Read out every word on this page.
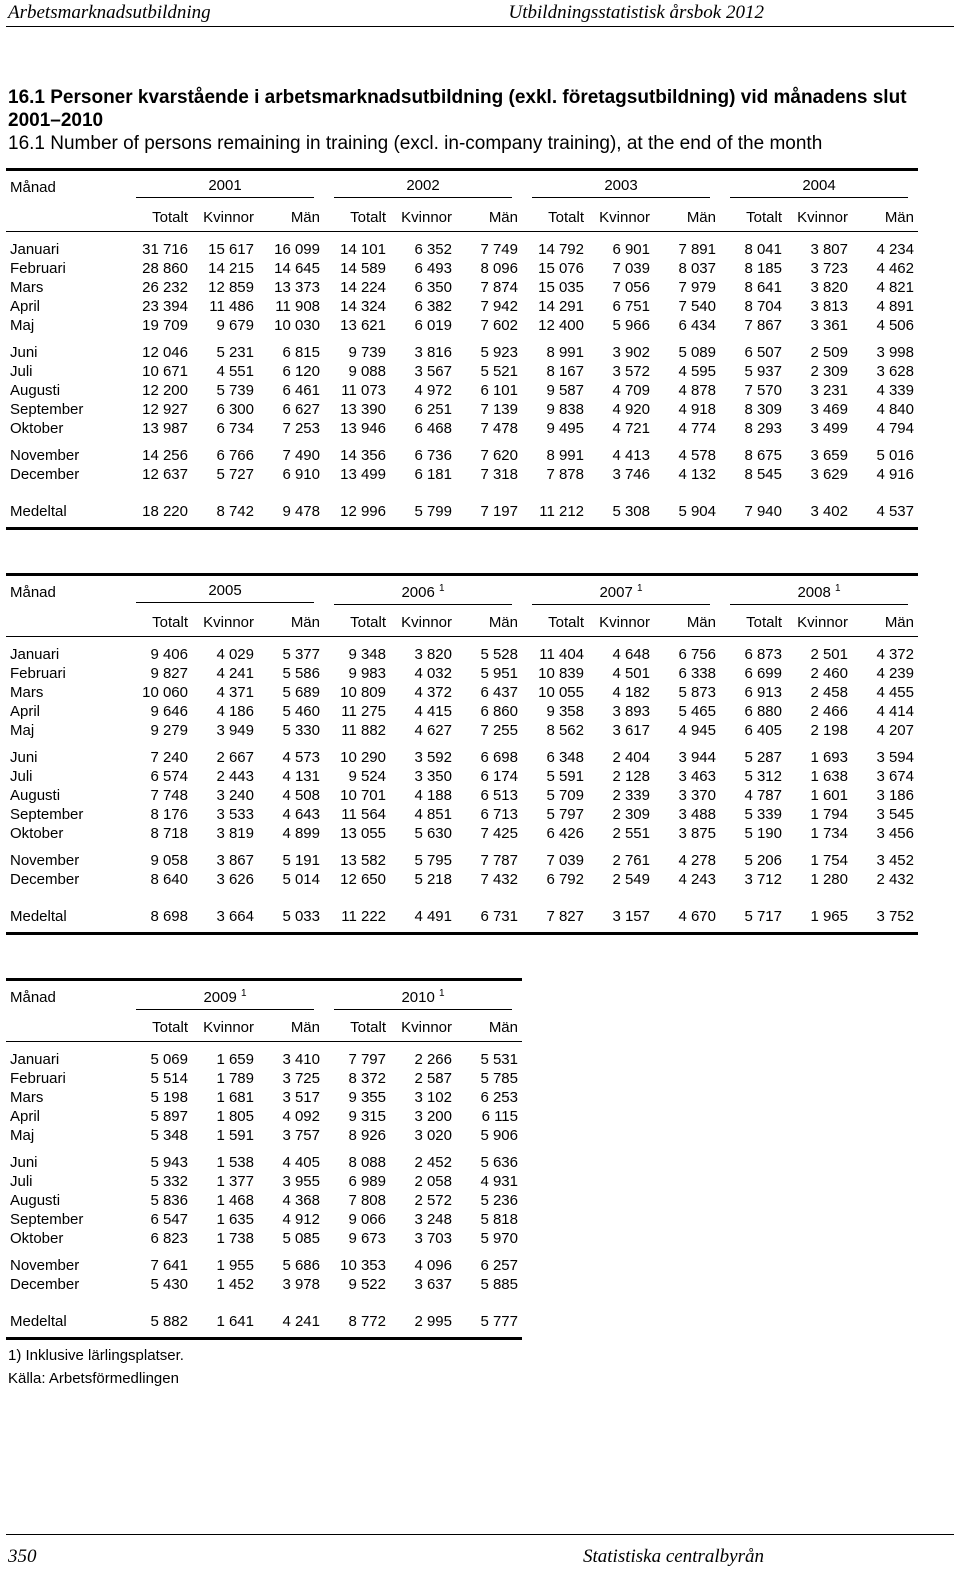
Arbetsmarknadsutbildning	Utbildningsstatistisk årsbok 2012
16.1 Personer kvarstående i arbetsmarknadsutbildning (exkl. företagsutbildning) vid månadens slut 2001–2010
16.1 Number of persons remaining in training (excl. in-company training), at the end of the month

Månad	2001			2002			2003			2004		

	Totalt	Kvinnor	Män	Totalt	Kvinnor	Män	Totalt	Kvinnor	Män	Totalt	Kvinnor	Män

Januari	31 716	15 617	16 099	14 101	6 352	7 749	14 792	6 901	7 891	8 041	3 807	4 234
Februari	28 860	14 215	14 645	14 589	6 493	8 096	15 076	7 039	8 037	8 185	3 723	4 462
Mars	26 232	12 859	13 373	14 224	6 350	7 874	15 035	7 056	7 979	8 641	3 820	4 821
April	23 394	11 486	11 908	14 324	6 382	7 942	14 291	6 751	7 540	8 704	3 813	4 891
Maj	19 709	9 679	10 030	13 621	6 019	7 602	12 400	5 966	6 434	7 867	3 361	4 506

Juni	12 046	5 231	6 815	9 739	3 816	5 923	8 991	3 902	5 089	6 507	2 509	3 998
Juli	10 671	4 551	6 120	9 088	3 567	5 521	8 167	3 572	4 595	5 937	2 309	3 628
Augusti	12 200	5 739	6 461	11 073	4 972	6 101	9 587	4 709	4 878	7 570	3 231	4 339
September	12 927	6 300	6 627	13 390	6 251	7 139	9 838	4 920	4 918	8 309	3 469	4 840
Oktober	13 987	6 734	7 253	13 946	6 468	7 478	9 495	4 721	4 774	8 293	3 499	4 794

November	14 256	6 766	7 490	14 356	6 736	7 620	8 991	4 413	4 578	8 675	3 659	5 016
December	12 637	5 727	6 910	13 499	6 181	7 318	7 878	3 746	4 132	8 545	3 629	4 916

Medeltal	18 220	8 742	9 478	12 996	5 799	7 197	11 212	5 308	5 904	7 940	3 402	4 537

Månad	2005			2006 $^1$			2007 $^1$			2008 $^1$

	Totalt	Kvinnor	Män	Totalt	Kvinnor	Män	Totalt	Kvinnor	Män	Totalt	Kvinnor	Män

Januari	9 406	4 029	5 377	9 348	3 820	5 528	11 404	4 648	6 756	6 873	2 501	4 372
Februari	9 827	4 241	5 586	9 983	4 032	5 951	10 839	4 501	6 338	6 699	2 460	4 239
Mars	10 060	4 371	5 689	10 809	4 372	6 437	10 055	4 182	5 873	6 913	2 458	4 455
April	9 646	4 186	5 460	11 275	4 415	6 860	9 358	3 893	5 465	6 880	2 466	4 414
Maj	9 279	3 949	5 330	11 882	4 627	7 255	8 562	3 617	4 945	6 405	2 198	4 207

Juni	7 240	2 667	4 573	10 290	3 592	6 698	6 348	2 404	3 944	5 287	1 693	3 594
Juli	6 574	2 443	4 131	9 524	3 350	6 174	5 591	2 128	3 463	5 312	1 638	3 674
Augusti	7 748	3 240	4 508	10 701	4 188	6 513	5 709	2 339	3 370	4 787	1 601	3 186
September	8 176	3 533	4 643	11 564	4 851	6 713	5 797	2 309	3 488	5 339	1 794	3 545
Oktober	8 718	3 819	4 899	13 055	5 630	7 425	6 426	2 551	3 875	5 190	1 734	3 456

November	9 058	3 867	5 191	13 582	5 795	7 787	7 039	2 761	4 278	5 206	1 754	3 452
December	8 640	3 626	5 014	12 650	5 218	7 432	6 792	2 549	4 243	3 712	1 280	2 432

Medeltal	8 698	3 664	5 033	11 222	4 491	6 731	7 827	3 157	4 670	5 717	1 965	3 752

Månad	2009 $^1$			2010 $^1$

	Totalt	Kvinnor	Män	Totalt	Kvinnor	Män

Januari	5 069	1 659	3 410	7 797	2 266	5 531
Februari	5 514	1 789	3 725	8 372	2 587	5 785
Mars	5 198	1 681	3 517	9 355	3 102	6 253
April	5 897	1 805	4 092	9 315	3 200	6 115
Maj	5 348	1 591	3 757	8 926	3 020	5 906

Juni	5 943	1 538	4 405	8 088	2 452	5 636
Juli	5 332	1 377	3 955	6 989	2 058	4 931
Augusti	5 836	1 468	4 368	7 808	2 572	5 236
September	6 547	1 635	4 912	9 066	3 248	5 818
Oktober	6 823	1 738	5 085	9 673	3 703	5 970

November	7 641	1 955	5 686	10 353	4 096	6 257
December	5 430	1 452	3 978	9 522	3 637	5 885

Medeltal	5 882	1 641	4 241	8 772	2 995	5 777
1) Inklusive lärlingsplatser.
Källa: Arbetsförmedlingen
350	Statistiska centralbyrån
